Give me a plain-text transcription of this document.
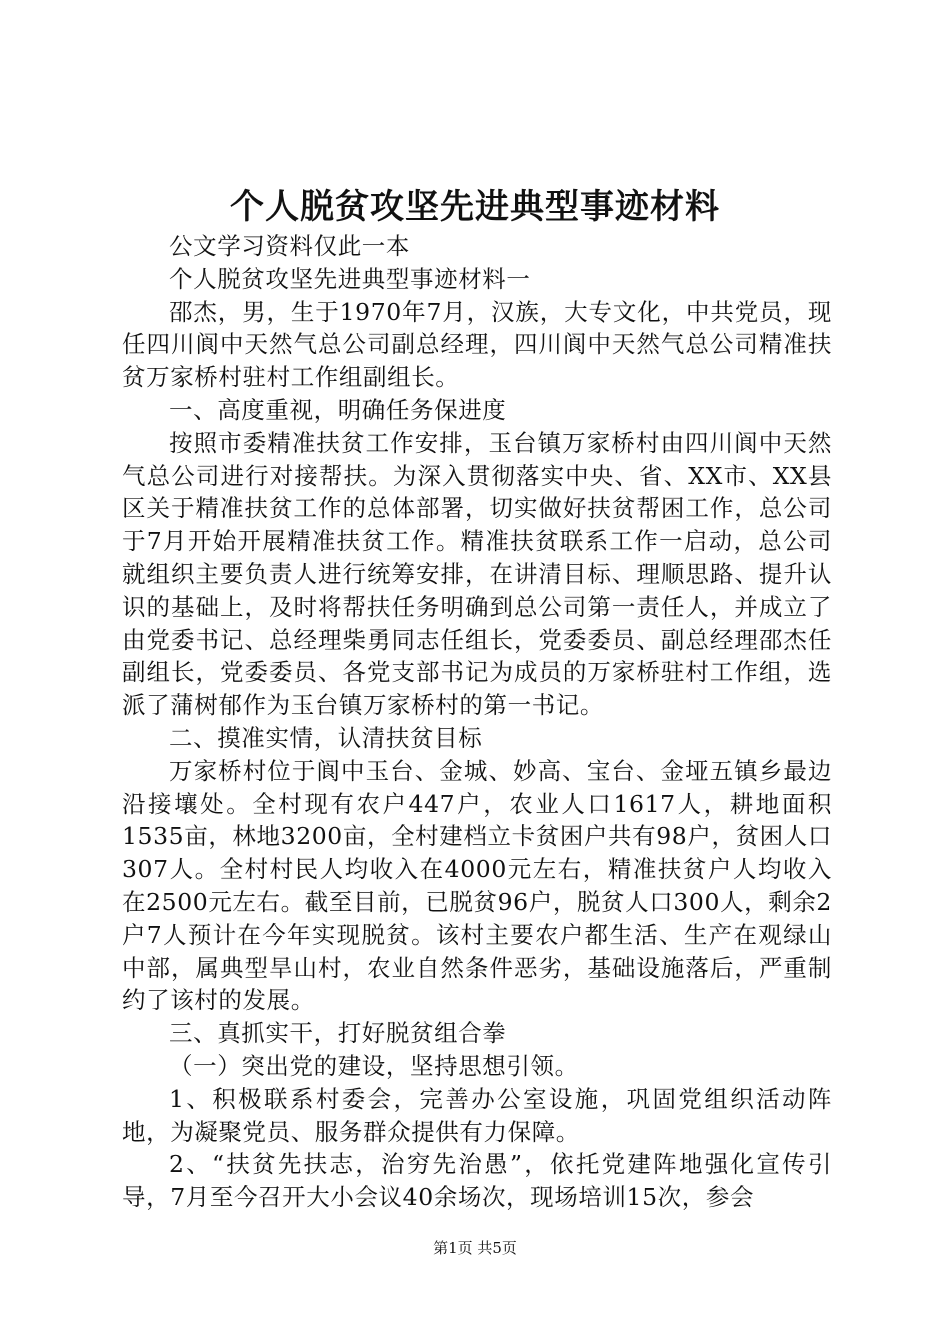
个人脱贫攻坚先进典型事迹材料

公文学习资料仅此一本

个人脱贫攻坚先进典型事迹材料一

邵杰，男，生于1970年7月，汉族，大专文化，中共党员，现任四川阆中天然气总公司副总经理，四川阆中天然气总公司精准扶贫万家桥村驻村工作组副组长。

一、高度重视，明确任务保进度

按照市委精准扶贫工作安排，玉台镇万家桥村由四川阆中天然气总公司进行对接帮扶。为深入贯彻落实中央、省、XX市、XX县区关于精准扶贫工作的总体部署，切实做好扶贫帮困工作，总公司于7月开始开展精准扶贫工作。精准扶贫联系工作一启动，总公司就组织主要负责人进行统筹安排，在讲清目标、理顺思路、提升认识的基础上，及时将帮扶任务明确到总公司第一责任人，并成立了由党委书记、总经理柴勇同志任组长，党委委员、副总经理邵杰任副组长，党委委员、各党支部书记为成员的万家桥驻村工作组，选派了蒲树郁作为玉台镇万家桥村的第一书记。

二、摸准实情，认清扶贫目标

万家桥村位于阆中玉台、金城、妙高、宝台、金垭五镇乡最边沿接壤处。全村现有农户447户，农业人口1617人，耕地面积1535亩，林地3200亩，全村建档立卡贫困户共有98户，贫困人口307人。全村村民人均收入在4000元左右，精准扶贫户人均收入在2500元左右。截至目前，已脱贫96户，脱贫人口300人，剩余2户7人预计在今年实现脱贫。该村主要农户都生活、生产在观绿山中部，属典型旱山村，农业自然条件恶劣，基础设施落后，严重制约了该村的发展。

三、真抓实干，打好脱贫组合拳

（一）突出党的建设，坚持思想引领。

1、积极联系村委会，完善办公室设施，巩固党组织活动阵地，为凝聚党员、服务群众提供有力保障。

2、“扶贫先扶志，治穷先治愚”，依托党建阵地强化宣传引导，7月至今召开大小会议40余场次，现场培训15次，参会

第1页 共5页
